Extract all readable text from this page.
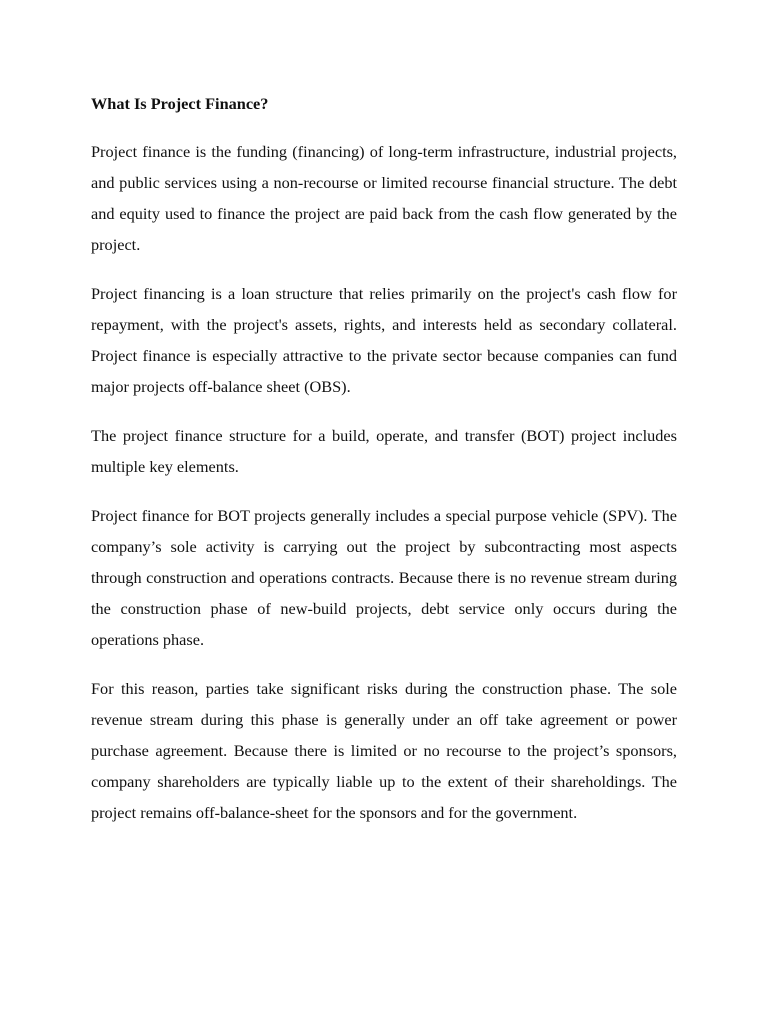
What Is Project Finance?

Project finance is the funding (financing) of long-term infrastructure, industrial projects, and public services using a non-recourse or limited recourse financial structure. The debt and equity used to finance the project are paid back from the cash flow generated by the project.

Project financing is a loan structure that relies primarily on the project's cash flow for repayment, with the project's assets, rights, and interests held as secondary collateral. Project finance is especially attractive to the private sector because companies can fund major projects off-balance sheet (OBS).

The project finance structure for a build, operate, and transfer (BOT) project includes multiple key elements.

Project finance for BOT projects generally includes a special purpose vehicle (SPV). The company’s sole activity is carrying out the project by subcontracting most aspects through construction and operations contracts. Because there is no revenue stream during the construction phase of new-build projects, debt service only occurs during the operations phase.

For this reason, parties take significant risks during the construction phase. The sole revenue stream during this phase is generally under an off take agreement or power purchase agreement. Because there is limited or no recourse to the project’s sponsors, company shareholders are typically liable up to the extent of their shareholdings. The project remains off-balance-sheet for the sponsors and for the government.
